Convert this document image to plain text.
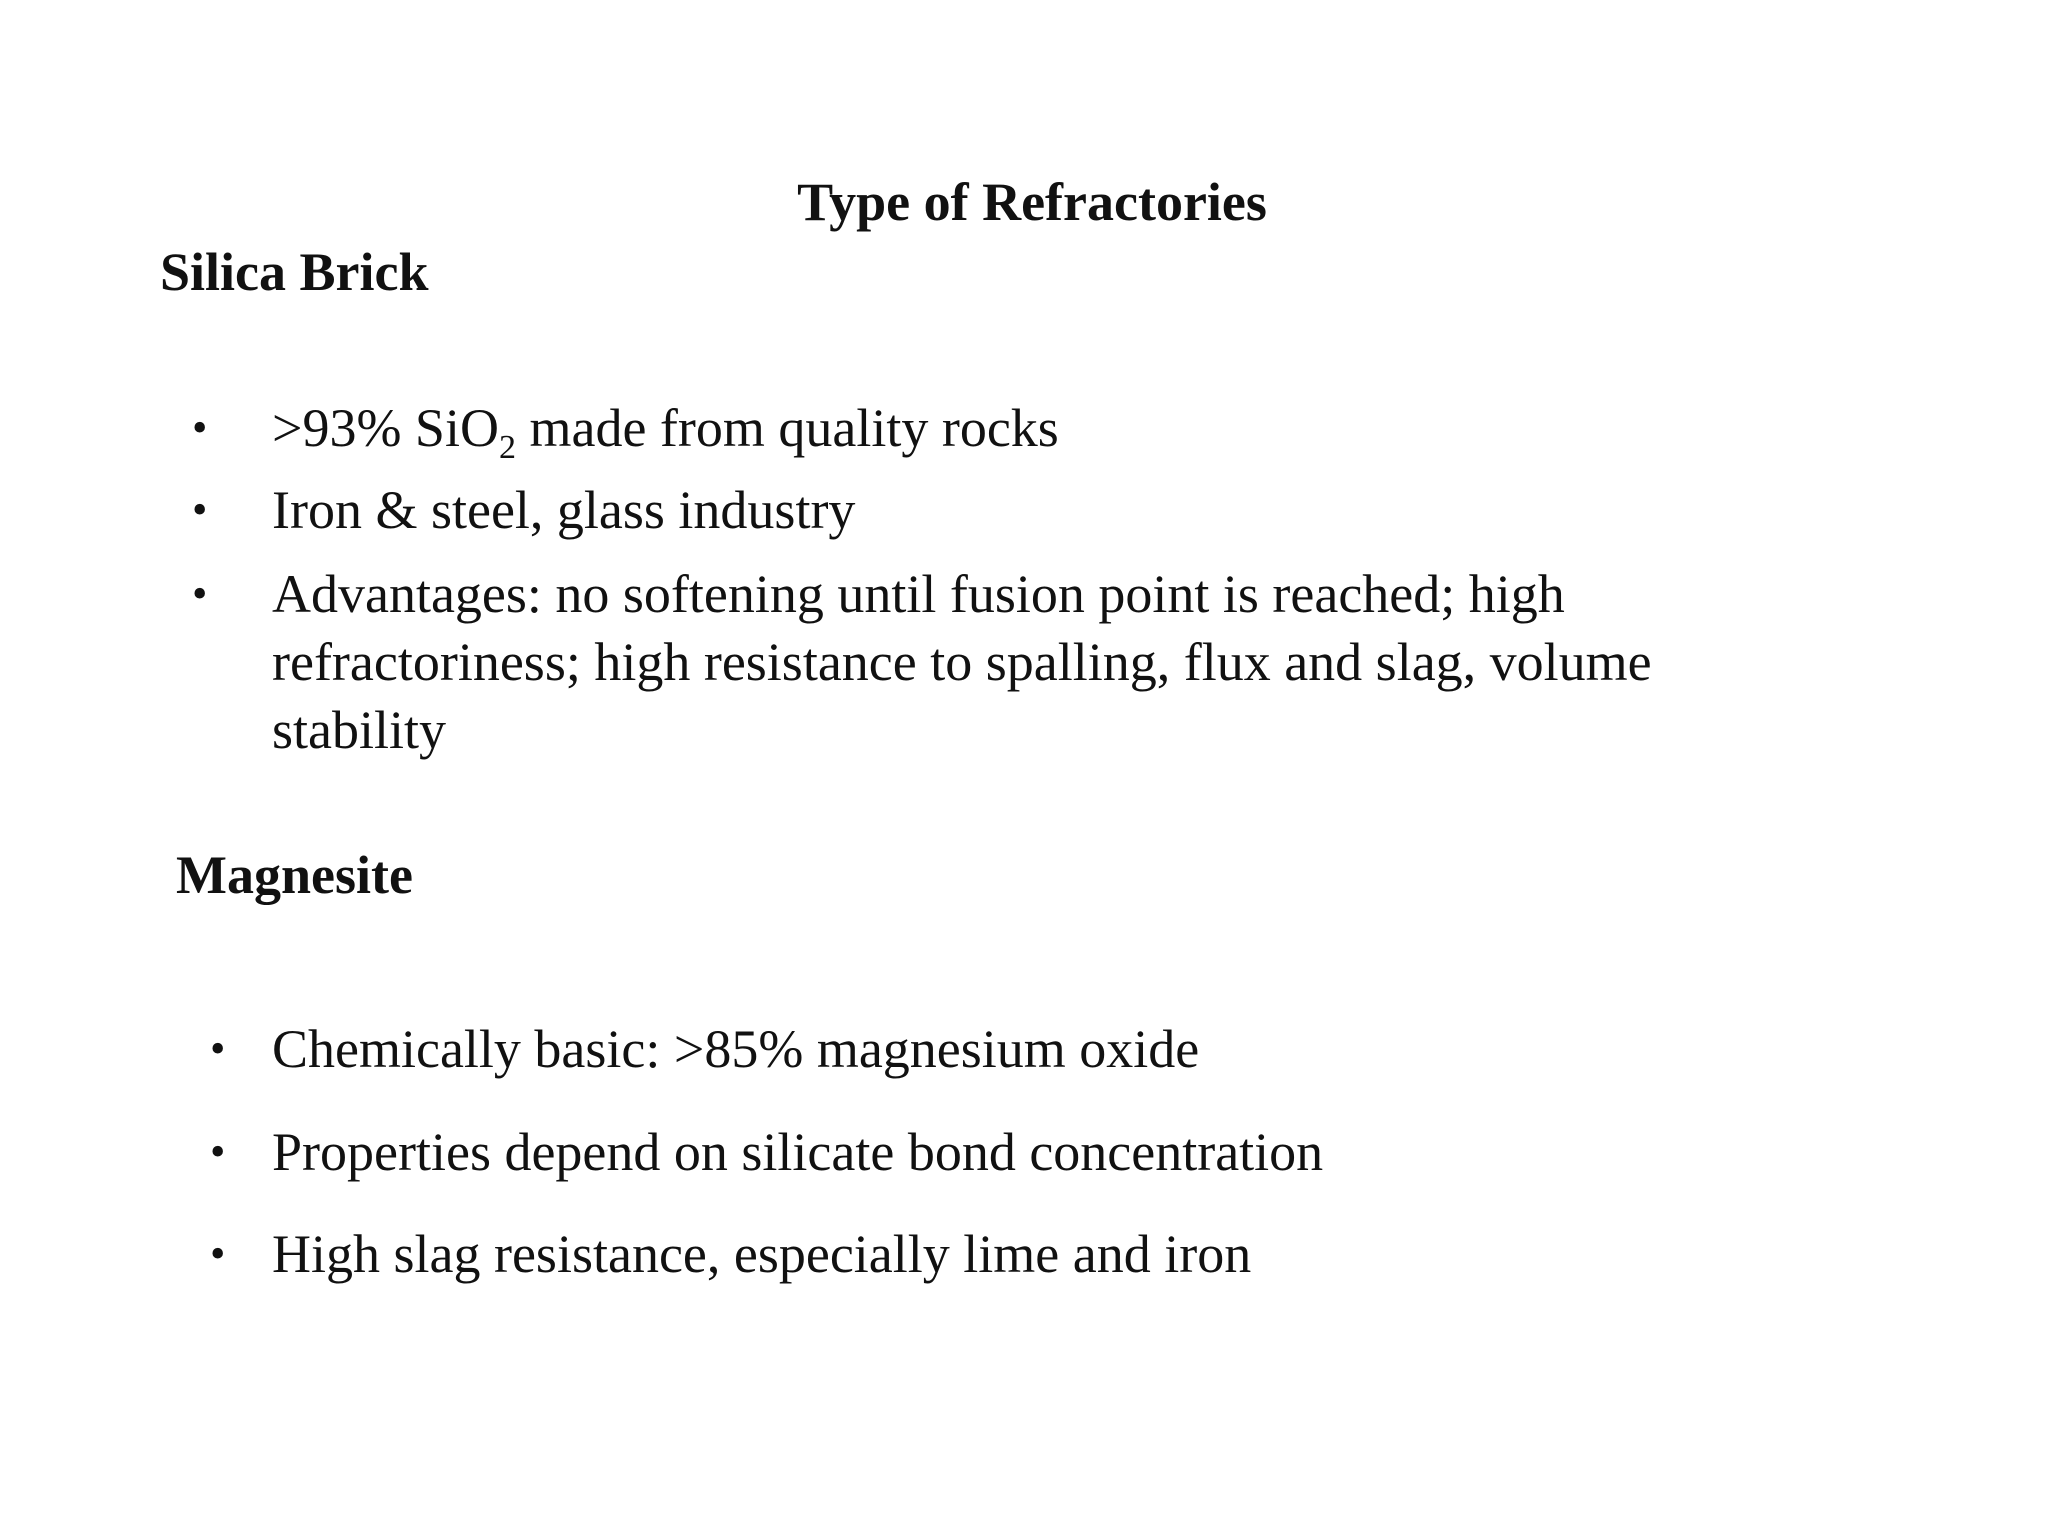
Type of Refractories
Silica Brick
• >93% SiO$_2$ made from quality rocks
• Iron & steel, glass industry
• Advantages: no softening until fusion point is reached; high refractoriness; high resistance to spalling, flux and slag, volume stability
Magnesite
• Chemically basic: >85% magnesium oxide
• Properties depend on silicate bond concentration
• High slag resistance, especially lime and iron
